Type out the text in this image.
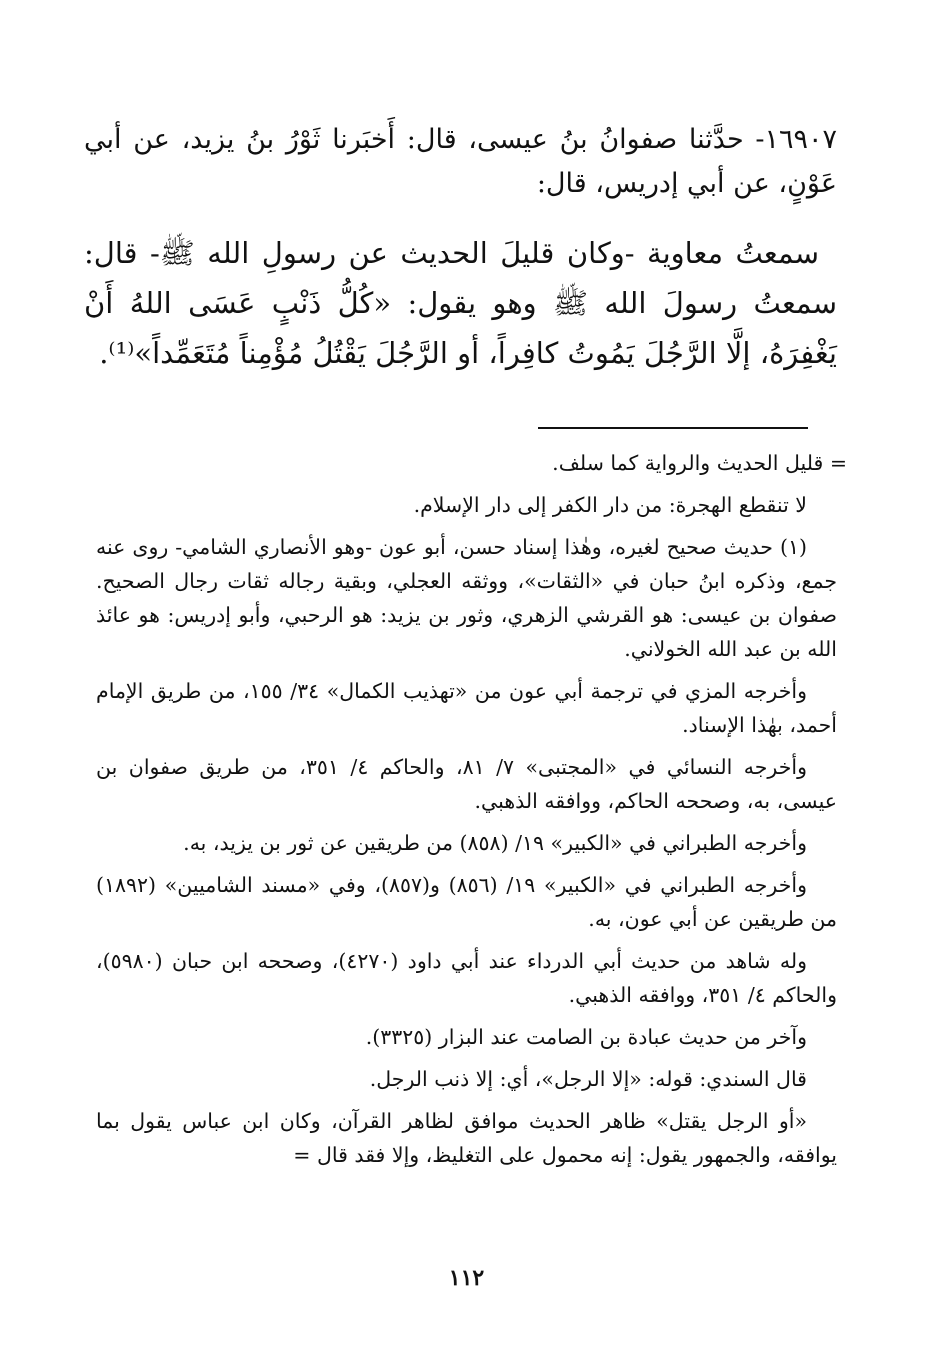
١٦٩٠٧- حدَّثنا صفوانُ بنُ عيسى، قال: أَخبَرنا ثَوْرُ بنُ يزيد، عن أبي عَوْنٍ، عن أبي إدريس، قال:

سمعتُ معاوية -وكان قليلَ الحديث عن رسولِ الله ﷺ- قال: سمعتُ رسولَ الله ﷺ وهو يقول: «كُلُّ ذَنْبٍ عَسَى اللهُ أَنْ يَغْفِرَهُ، إلَّا الرَّجُلَ يَمُوتُ كافِراً، أو الرَّجُلَ يَقْتُلُ مُؤْمِناً مُتَعَمِّداً»⁽¹⁾.

= قليل الحديث والرواية كما سلف.

لا تنقطع الهجرة: من دار الكفر إلى دار الإسلام.

(١) حديث صحيح لغيره، وهٰذا إسناد حسن، أبو عون -وهو الأنصاري الشامي- روى عنه جمع، وذكره ابنُ حبان في «الثقات»، ووثقه العجلي، وبقية رجاله ثقات رجال الصحيح. صفوان بن عيسى: هو القرشي الزهري، وثور بن يزيد: هو الرحبي، وأبو إدريس: هو عائذ الله بن عبد الله الخولاني.

وأخرجه المزي في ترجمة أبي عون من «تهذيب الكمال» ٣٤/ ١٥٥، من طريق الإمام أحمد، بهٰذا الإسناد.

وأخرجه النسائي في «المجتبى» ٧/ ٨١، والحاكم ٤/ ٣٥١، من طريق صفوان بن عيسى، به، وصححه الحاكم، ووافقه الذهبي.

وأخرجه الطبراني في «الكبير» ١٩/ (٨٥٨) من طريقين عن ثور بن يزيد، به.

وأخرجه الطبراني في «الكبير» ١٩/ (٨٥٦) و(٨٥٧)، وفي «مسند الشاميين» (١٨٩٢) من طريقين عن أبي عون، به.

وله شاهد من حديث أبي الدرداء عند أبي داود (٤٢٧٠)، وصححه ابن حبان (٥٩٨٠)، والحاكم ٤/ ٣٥١، ووافقه الذهبي.

وآخر من حديث عبادة بن الصامت عند البزار (٣٣٢٥).

قال السندي: قوله: «إلا الرجل»، أي: إلا ذنب الرجل.

«أو الرجل يقتل» ظاهر الحديث موافق لظاهر القرآن، وكان ابن عباس يقول بما يوافقه، والجمهور يقول: إنه محمول على التغليظ، وإلا فقد قال =

١١٢
